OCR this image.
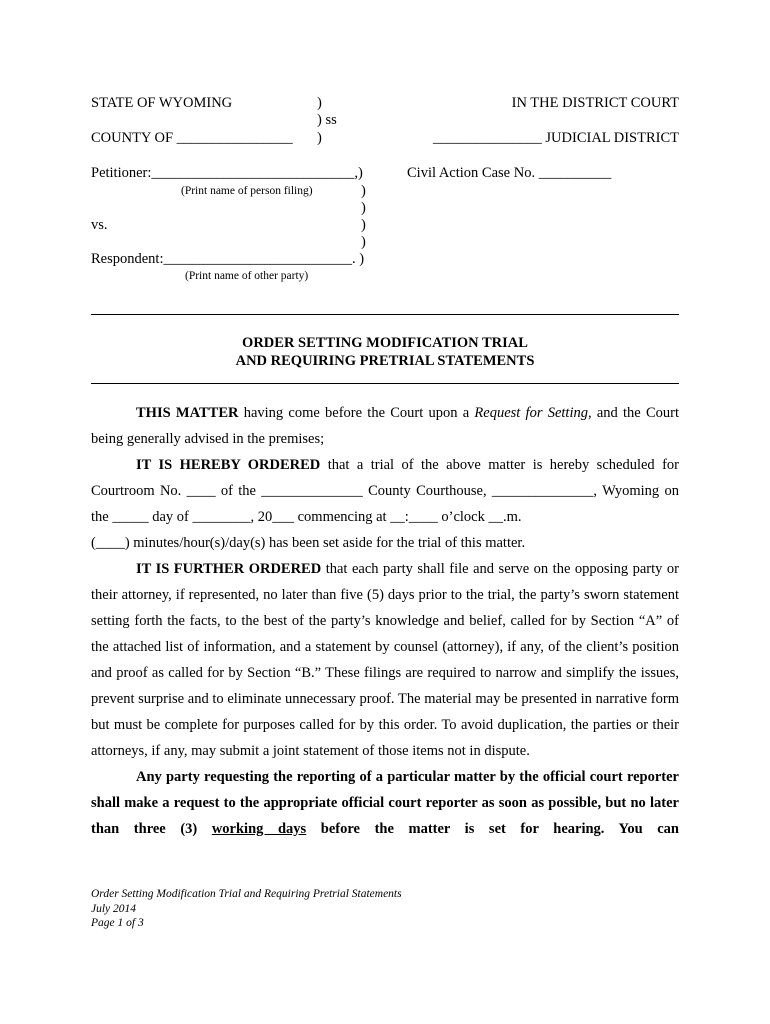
STATE OF WYOMING	)
) ss
)
COUNTY OF ________________
IN THE DISTRICT COURT
_______________ JUDICIAL DISTRICT
Petitioner:____________________________,)
(Print name of person filing)
Civil Action Case No. __________
)
)
)
)
vs.
Respondent:__________________________. )
(Print name of other party)
ORDER SETTING MODIFICATION TRIAL
AND REQUIRING PRETRIAL STATEMENTS

THIS MATTER having come before the Court upon a Request for Setting, and the Court being generally advised in the premises;

IT IS HEREBY ORDERED that a trial of the above matter is hereby scheduled for Courtroom No. ____ of the ______________ County Courthouse, ______________, Wyoming on the _____ day of ________, 20___ commencing at __:____ o’clock __.m.

(____) minutes/hour(s)/day(s) has been set aside for the trial of this matter.

IT IS FURTHER ORDERED that each party shall file and serve on the opposing party or their attorney, if represented, no later than five (5) days prior to the trial, the party’s sworn statement setting forth the facts, to the best of the party’s knowledge and belief, called for by Section “A” of the attached list of information, and a statement by counsel (attorney), if any, of the client’s position and proof as called for by Section “B.” These filings are required to narrow and simplify the issues, prevent surprise and to eliminate unnecessary proof. The material may be presented in narrative form but must be complete for purposes called for by this order. To avoid duplication, the parties or their attorneys, if any, may submit a joint statement of those items not in dispute.

Any party requesting the reporting of a particular matter by the official court reporter shall make a request to the appropriate official court reporter as soon as possible, but no later than three (3) working days before the matter is set for hearing. You can

Order Setting Modification Trial and Requiring Pretrial Statements
July 2014
Page 1 of 3
